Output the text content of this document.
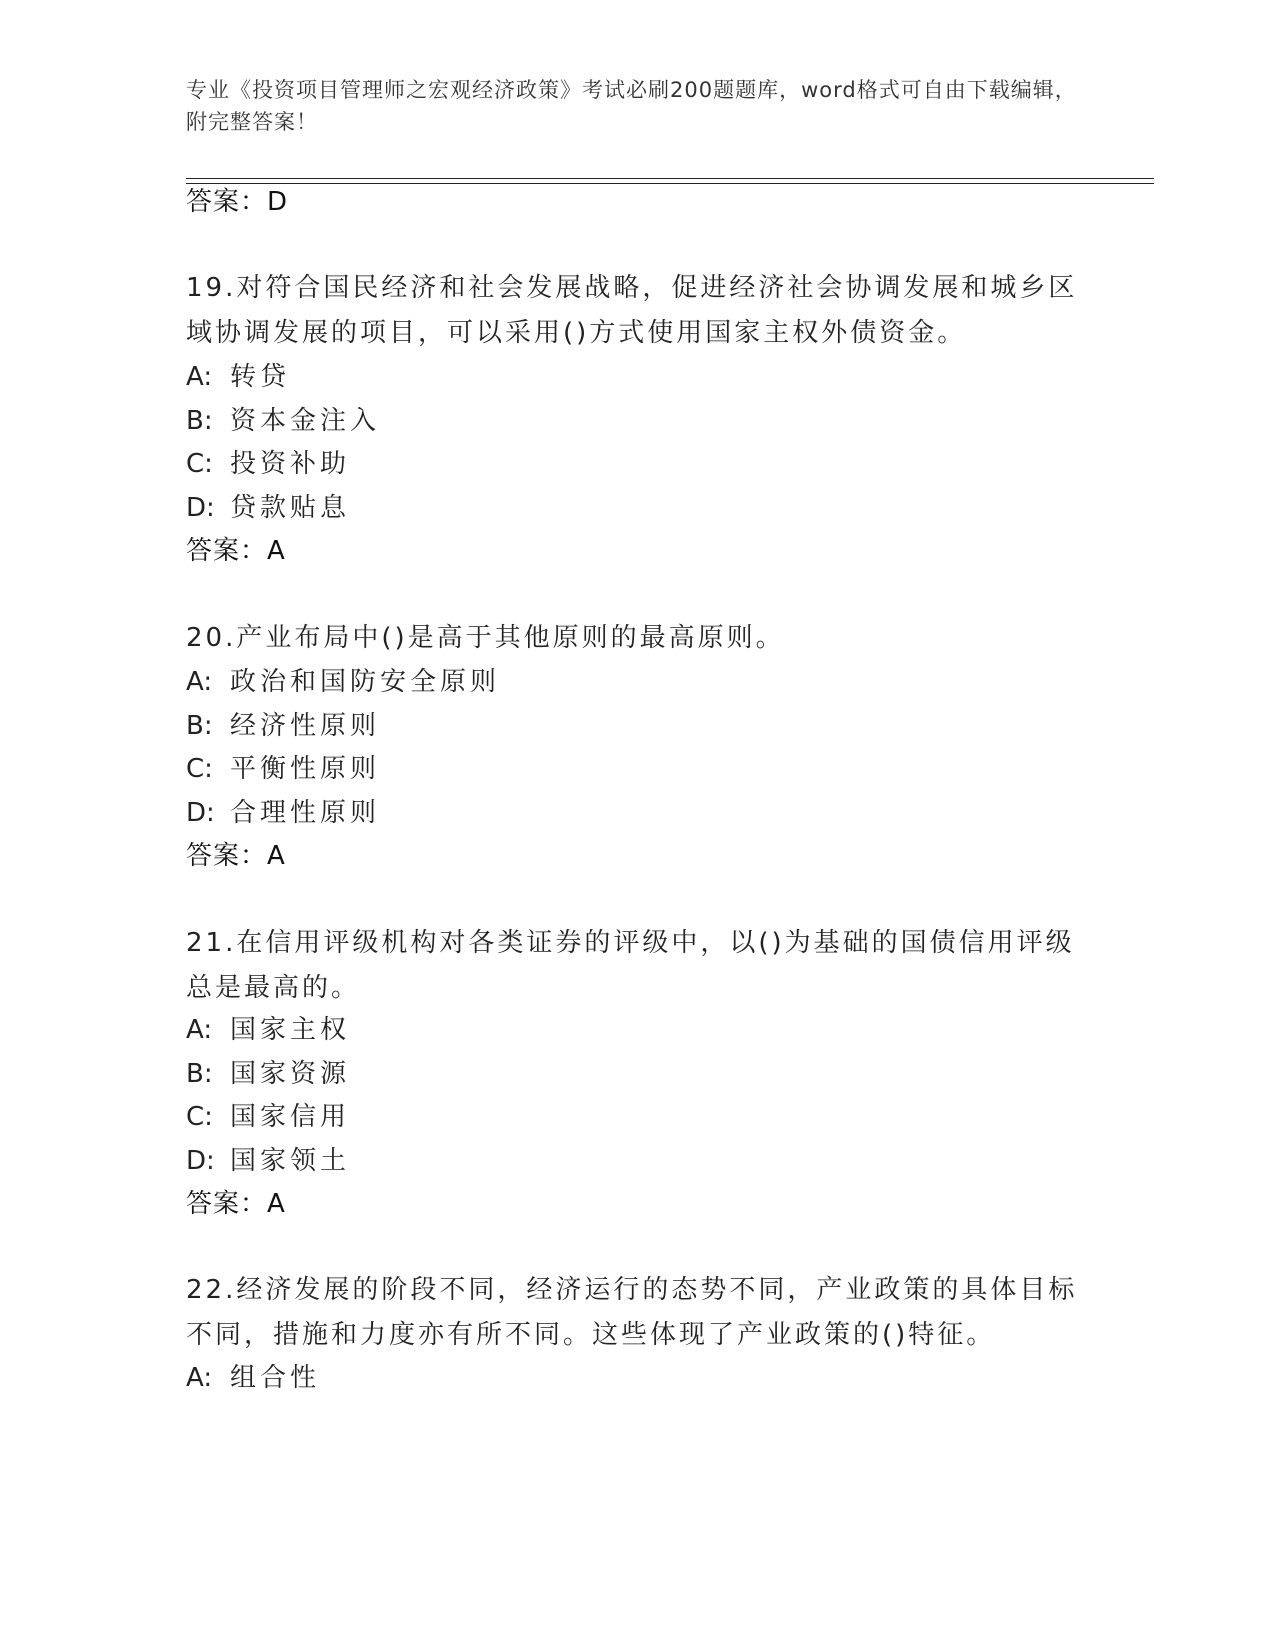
专业《投资项目管理师之宏观经济政策》考试必刷200题题库，word格式可自由下载编辑，附完整答案！
答案：D
19.对符合国民经济和社会发展战略，促进经济社会协调发展和城乡区域协调发展的项目，可以采用()方式使用国家主权外债资金。
A: 转贷
B: 资本金注入
C: 投资补助
D: 贷款贴息
答案：A
20.产业布局中()是高于其他原则的最高原则。
A: 政治和国防安全原则
B: 经济性原则
C: 平衡性原则
D: 合理性原则
答案：A
21.在信用评级机构对各类证券的评级中，以()为基础的国债信用评级总是最高的。
A: 国家主权
B: 国家资源
C: 国家信用
D: 国家领土
答案：A
22.经济发展的阶段不同，经济运行的态势不同，产业政策的具体目标不同，措施和力度亦有所不同。这些体现了产业政策的()特征。
A: 组合性
